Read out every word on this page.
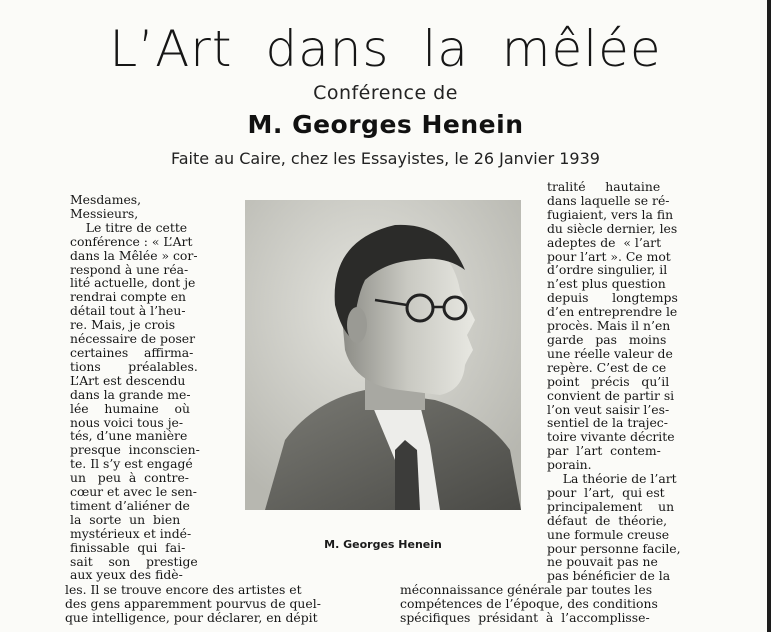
L’Art dans la mêlée
Conférence de
M. Georges Henein
Faite au Caire, chez les Essayistes, le 26 Janvier 1939
Mesdames,
Messieurs,
Le titre de cette
conférence : « L’Art
dans la Mêlée » cor-
respond à une réa-
lité actuelle, dont je
rendrai compte en
détail tout à l’heu-
re. Mais, je crois
nécessaire de poser
certaines    affirma-
tions       préalables.
L’Art est descendu
dans la grande me-
lée    humaine    où
nous voici tous je-
tés, d’une manière
presque  inconscien-
te. Il s’y est engagé
un   peu  à  contre-
cœur et avec le sen-
timent d’aliéner de
la  sorte  un  bien
mystérieux et indé-
finissable  qui  fai-
sait    son    prestige
aux yeux des fidè-
M. Georges Henein
tralité     hautaine
dans laquelle se ré-
fugiaient, vers la fin
du siècle dernier, les
adeptes de  « l’art
pour l’art ». Ce mot
d’ordre singulier, il
n’est plus question
depuis      longtemps
d’en entreprendre le
procès. Mais il n’en
garde   pas   moins
une réelle valeur de
repère. C’est de ce
point   précis   qu’il
convient de partir si
l’on veut saisir l’es-
sentiel de la trajec-
toire vivante décrite
par  l’art  contem-
porain.
La théorie de l’art
pour  l’art,  qui est
principalement    un
défaut  de  théorie,
une formule creuse
pour personne facile,
ne pouvait pas ne
pas bénéficier de la
les. Il se trouve encore des artistes et
des gens apparemment pourvus de quel-
que intelligence, pour déclarer, en dépit
méconnaissance générale par toutes les
compétences de l’époque, des conditions
spécifiques  présidant  à  l’accomplisse-
